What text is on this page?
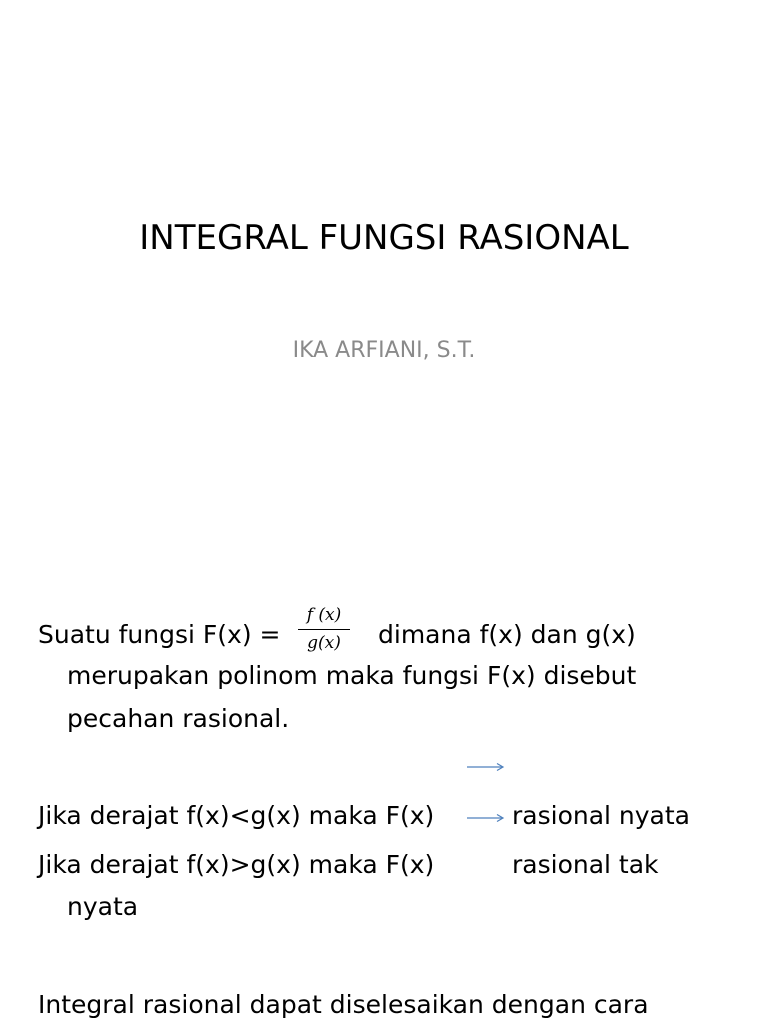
INTEGRAL FUNGSI RASIONAL
IKA ARFIANI, S.T.
Suatu fungsi F(x) =
f (x)
g(x)	dimana f(x) dan g(x)
merupakan polinom maka fungsi F(x) disebut
pecahan rasional.
Jika derajat f(x)<g(x) maka F(x)	rasional nyata
Jika derajat f(x)>g(x) maka F(x)	rasional tak
nyata
Integral rasional dapat diselesaikan dengan cara
